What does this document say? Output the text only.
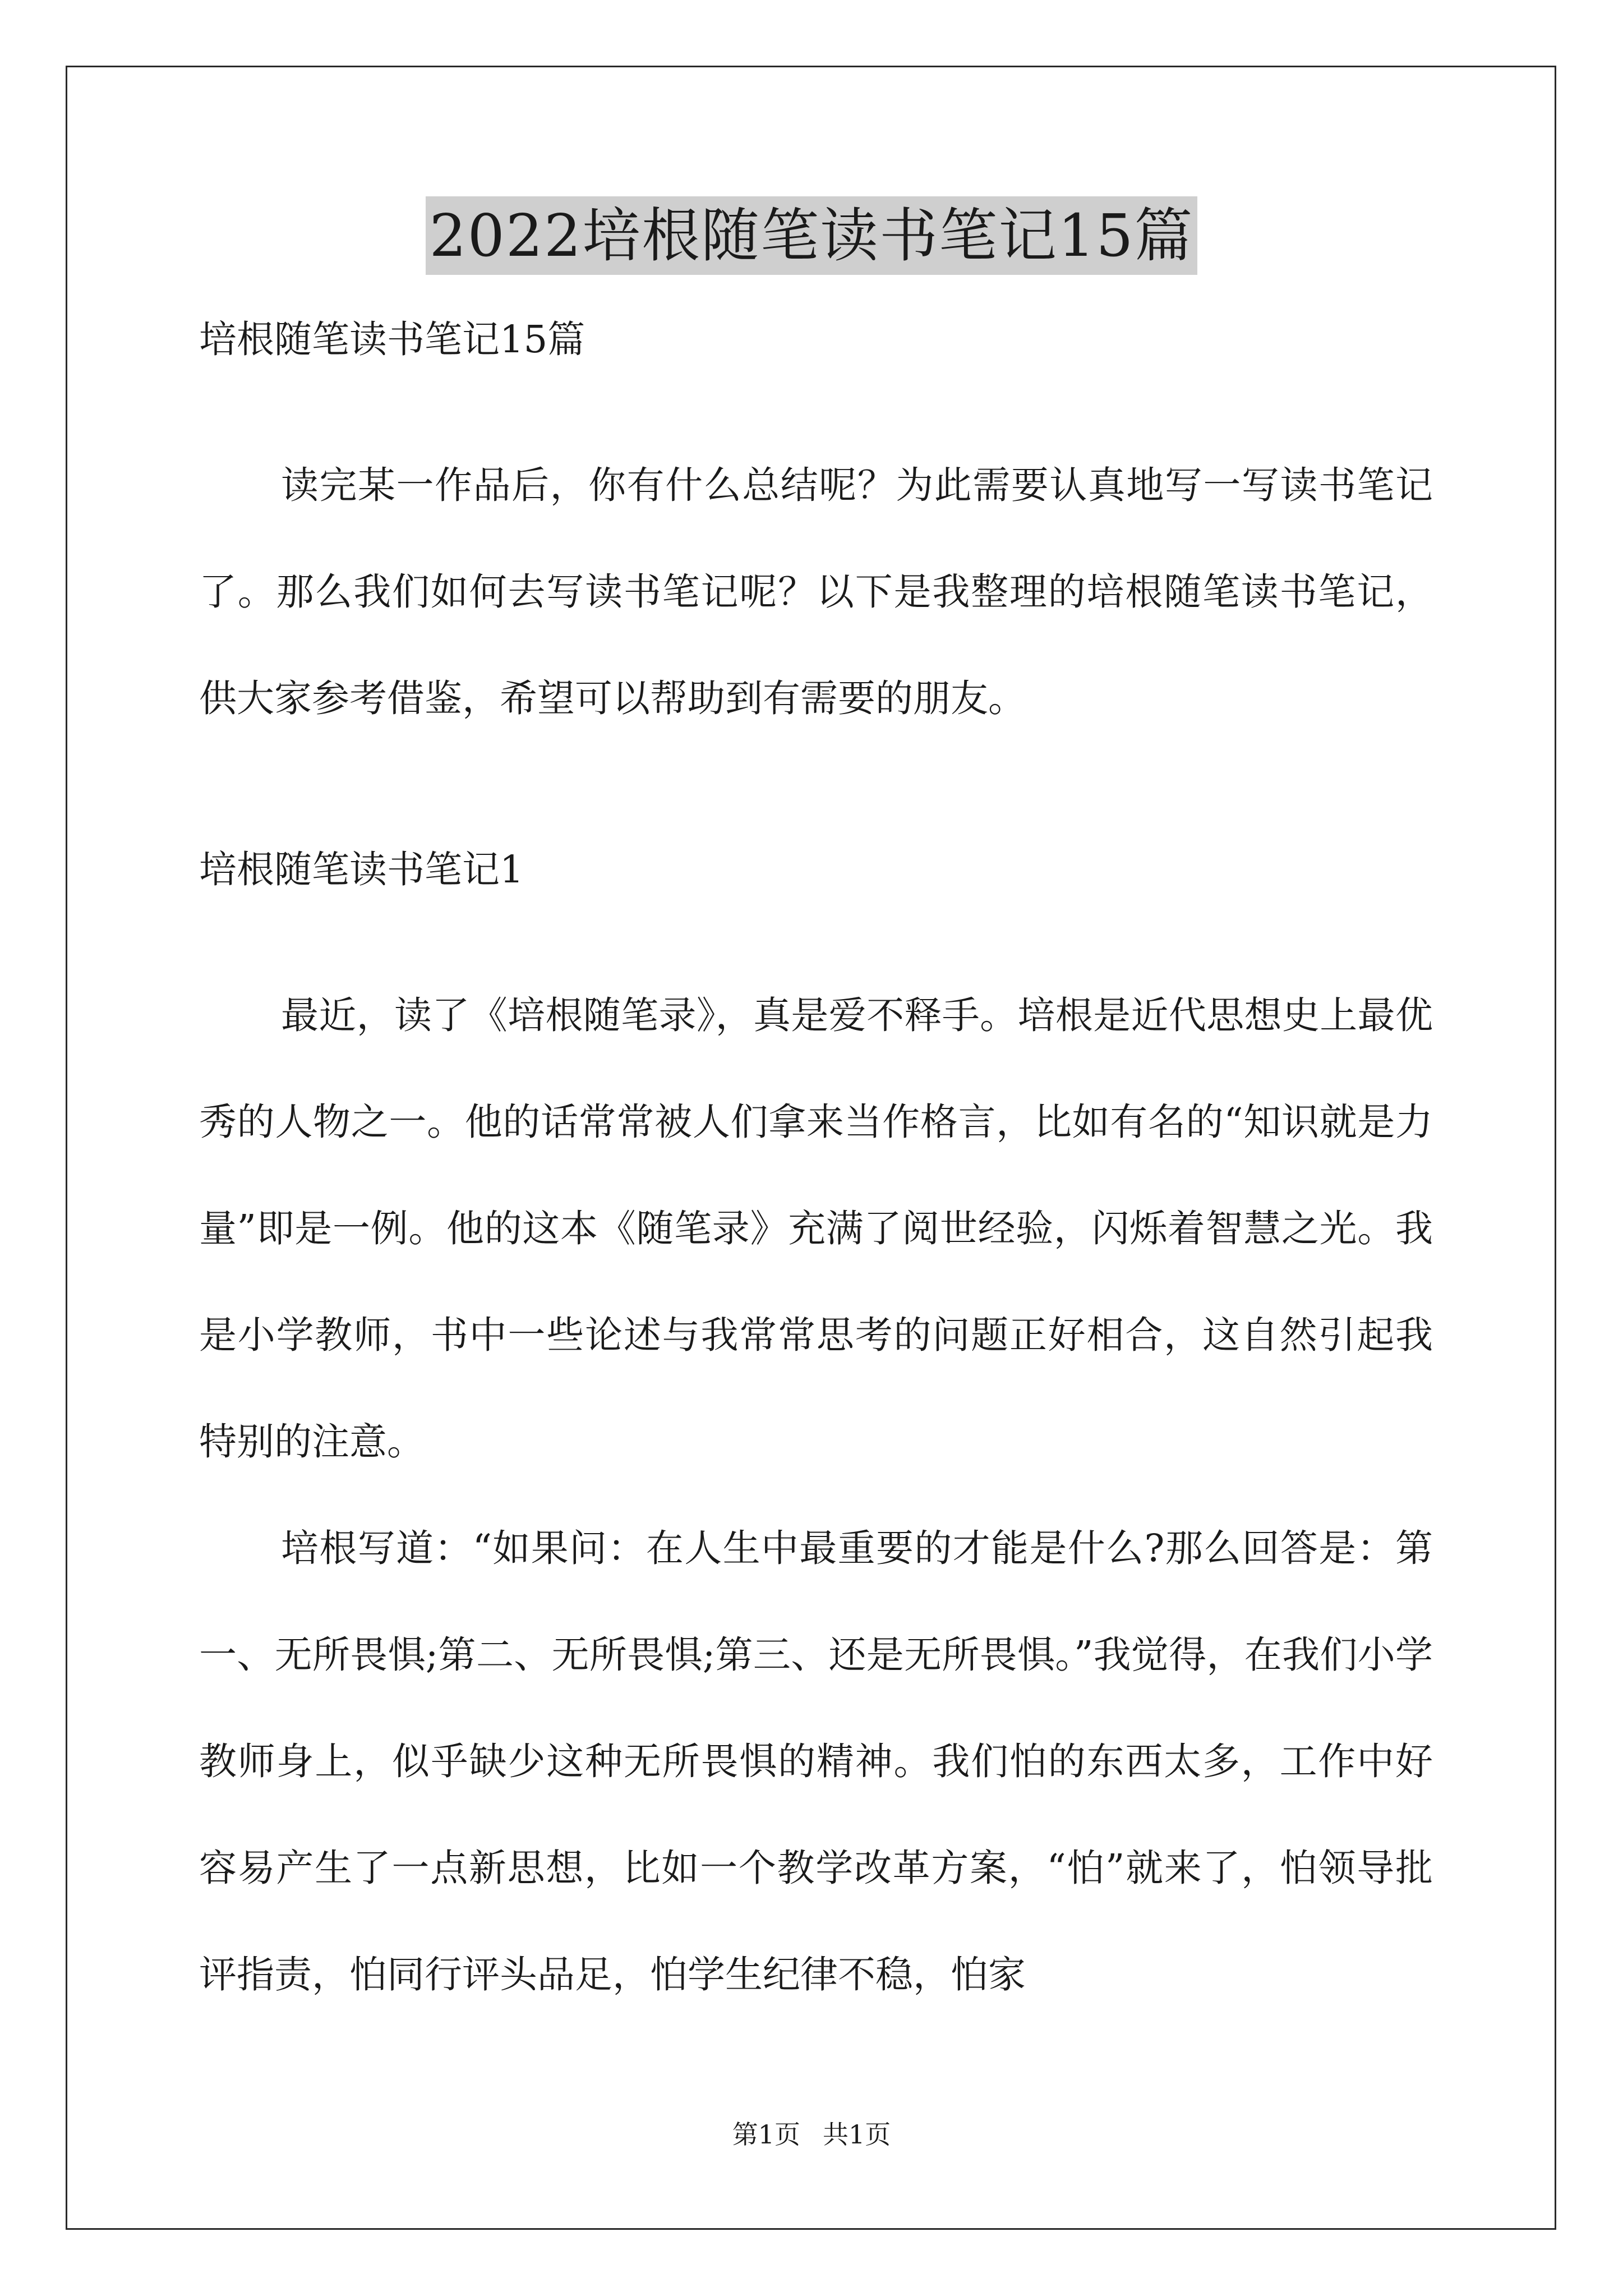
2022培根随笔读书笔记15篇
培根随笔读书笔记15篇

读完某一作品后，你有什么总结呢？为此需要认真地写一写读书笔记了。那么我们如何去写读书笔记呢？以下是我整理的培根随笔读书笔记，供大家参考借鉴，希望可以帮助到有需要的朋友。

培根随笔读书笔记1

最近，读了《培根随笔录》，真是爱不释手。培根是近代思想史上最优秀的人物之一。他的话常常被人们拿来当作格言，比如有名的“知识就是力量”即是一例。他的这本《随笔录》充满了阅世经验，闪烁着智慧之光。我是小学教师，书中一些论述与我常常思考的问题正好相合，这自然引起我特别的注意。

培根写道：“如果问：在人生中最重要的才能是什么?那么回答是：第一、无所畏惧;第二、无所畏惧;第三、还是无所畏惧。”我觉得，在我们小学教师身上，似乎缺少这种无所畏惧的精神。我们怕的东西太多，工作中好容易产生了一点新思想，比如一个教学改革方案，“怕”就来了，怕领导批评指责，怕同行评头品足，怕学生纪律不稳，怕家

第1页 共1页
